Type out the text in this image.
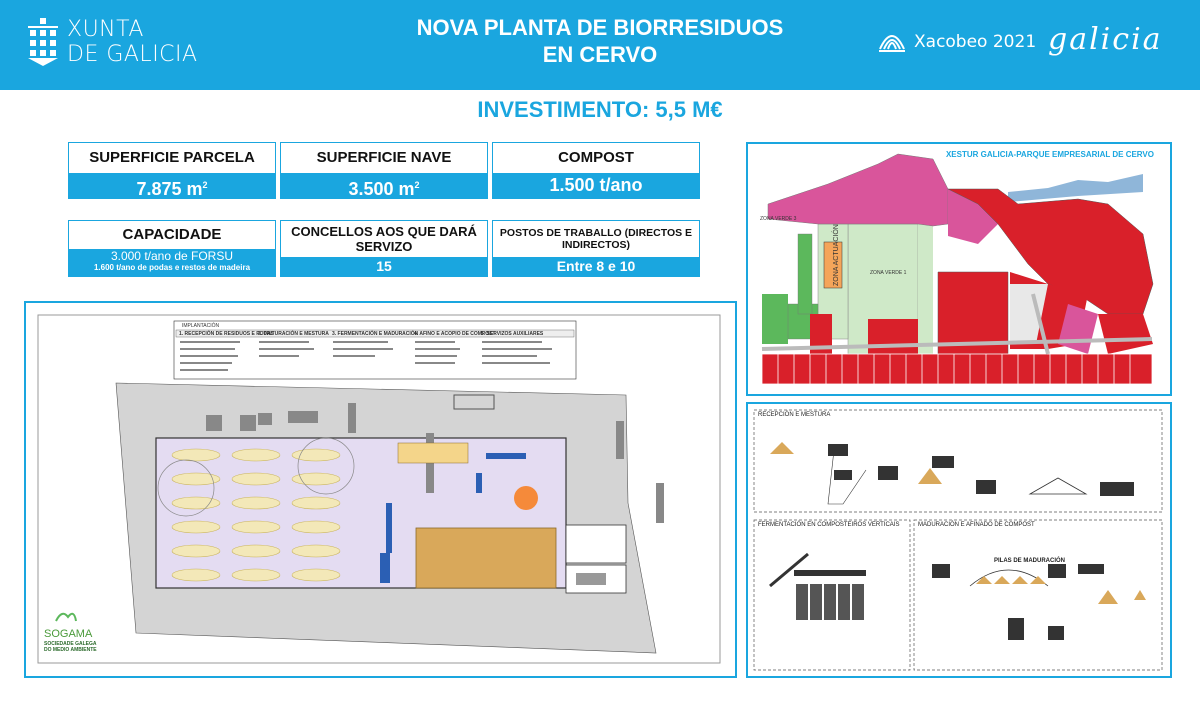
XUNTA
DE GALICIA
NOVA PLANTA DE BIORRESIDUOS
EN CERVO	Xacobeo 2021 galicia
INVESTIMENTO: 5,5 M€
SUPERFICIE PARCELA
7.875 $m^2$
SUPERFICIE NAVE
3.500 $m^2$
COMPOST
1.500 t/ano
CAPACIDADE
3.000 t/ano de FORSU
1.600 t/ano de podas e restos de madeira
CONCELLOS AOS QUE DARÁ SERVIZO
15
POSTOS DE TRABALLO (DIRECTOS E INDIRECTOS)
Entre 8 e 10
XESTUR GALICIA-PARQUE EMPRESARIAL DE CERVO
ZONA ACTUACIÓN
ZONA VERDE 3
ZONA VERDE 1
IMPLANTACIÓN
1. RECEPCIÓN DE RESIDUOS E PODAS
2. TRITURACIÓN E MESTURA 3. FERMENTACIÓN E MADURACIÓN
4. AFINO E ACOPIO DE COMPOST
5. SERVIZOS AUXILIARES
SOGAMA
SOCIEDADE GALEGA
DO MEDIO AMBIENTE
RECEPCIÓN E MESTURA
FERMENTACIÓN EN COMPOSTEIROS VERTICAIS	MADURACIÓN E AFINADO DE COMPOST
PILAS DE MADURACIÓN
